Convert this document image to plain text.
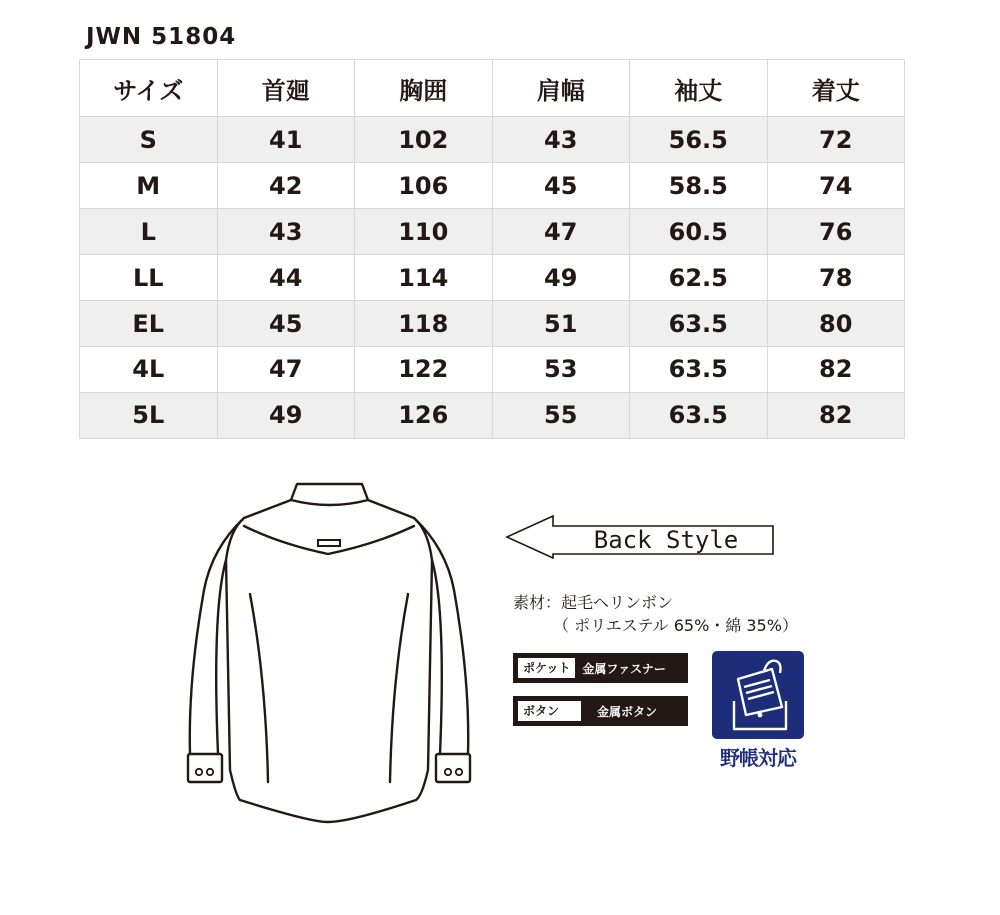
JWN 51804
サイズ	首廻	胸囲	肩幅	袖丈	着丈
S	41	102	43	56.5	72
M	42	106	45	58.5	74
L	43	110	47	60.5	76
LL	44	114	49	62.5	78
EL	45	118	51	63.5	80
4L	47	122	53	63.5	82
5L	49	126	55	63.5	82
Back Style
素材：起毛ヘリンボン
（ ポリエステル 65%・綿 35%）
ポケット	金属ファスナー
ボタン	金属ボタン
野帳対応
